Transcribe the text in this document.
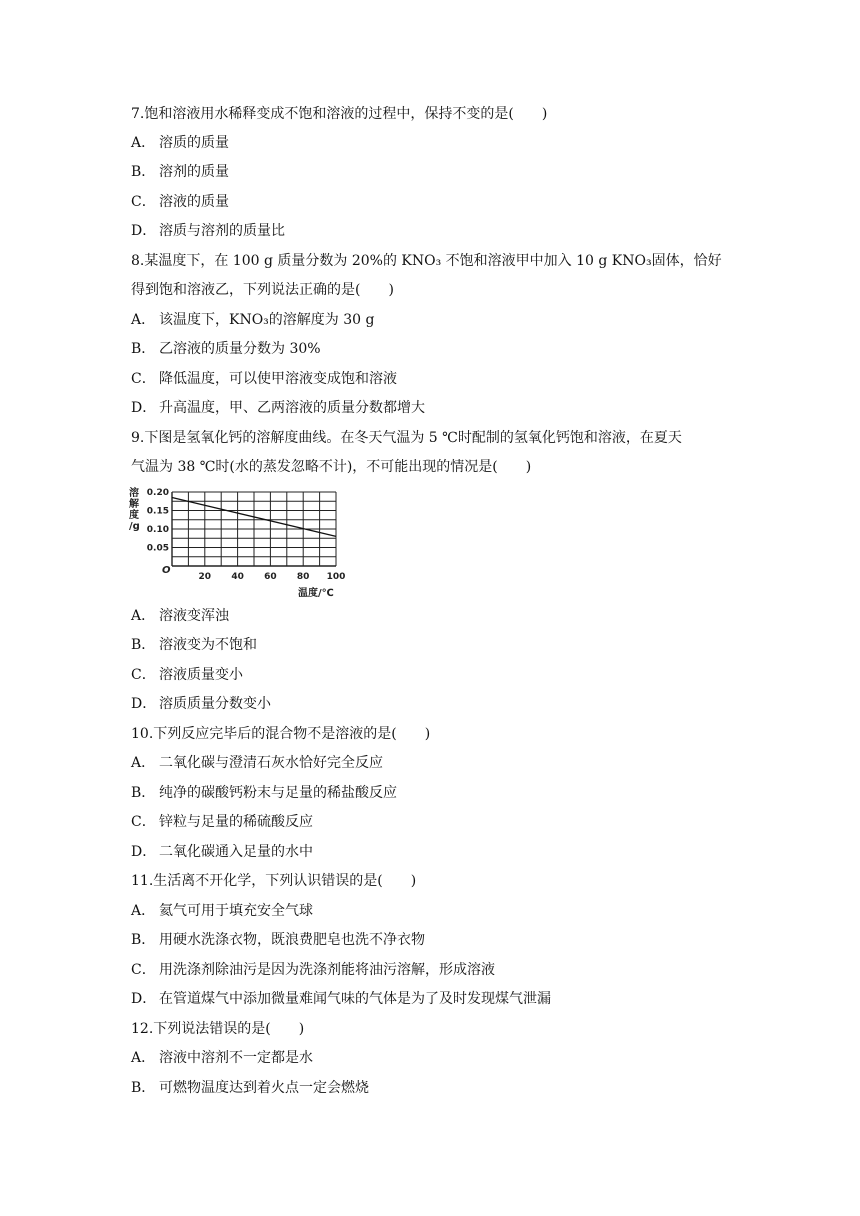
7.饱和溶液用水稀释变成不饱和溶液的过程中，保持不变的是(　　)
A． 溶质的质量
B． 溶剂的质量
C． 溶液的质量
D． 溶质与溶剂的质量比
8.某温度下，在 100 g 质量分数为 20%的 KNO₃ 不饱和溶液甲中加入 10 g KNO₃固体，恰好
得到饱和溶液乙，下列说法正确的是(　　)
A． 该温度下，KNO₃的溶解度为 30 g
B． 乙溶液的质量分数为 30%
C． 降低温度，可以使甲溶液变成饱和溶液
D． 升高温度，甲、乙两溶液的质量分数都增大
9.下图是氢氧化钙的溶解度曲线。在冬天气温为 5 ℃时配制的氢氧化钙饱和溶液，在夏天
气温为 38 ℃时(水的蒸发忽略不计)，不可能出现的情况是(　　)
20 40 60 80 100
0.20
0.15
0.10
0.05
溶
解
度
/g
O
温度/℃
A． 溶液变浑浊
B． 溶液变为不饱和
C． 溶液质量变小
D． 溶质质量分数变小
10.下列反应完毕后的混合物不是溶液的是(　　)
A． 二氧化碳与澄清石灰水恰好完全反应
B． 纯净的碳酸钙粉末与足量的稀盐酸反应
C． 锌粒与足量的稀硫酸反应
D． 二氧化碳通入足量的水中
11.生活离不开化学，下列认识错误的是(　　)
A． 氦气可用于填充安全气球
B． 用硬水洗涤衣物，既浪费肥皂也洗不净衣物
C． 用洗涤剂除油污是因为洗涤剂能将油污溶解，形成溶液
D． 在管道煤气中添加微量难闻气味的气体是为了及时发现煤气泄漏
12.下列说法错误的是(　　)
A． 溶液中溶剂不一定都是水
B． 可燃物温度达到着火点一定会燃烧
